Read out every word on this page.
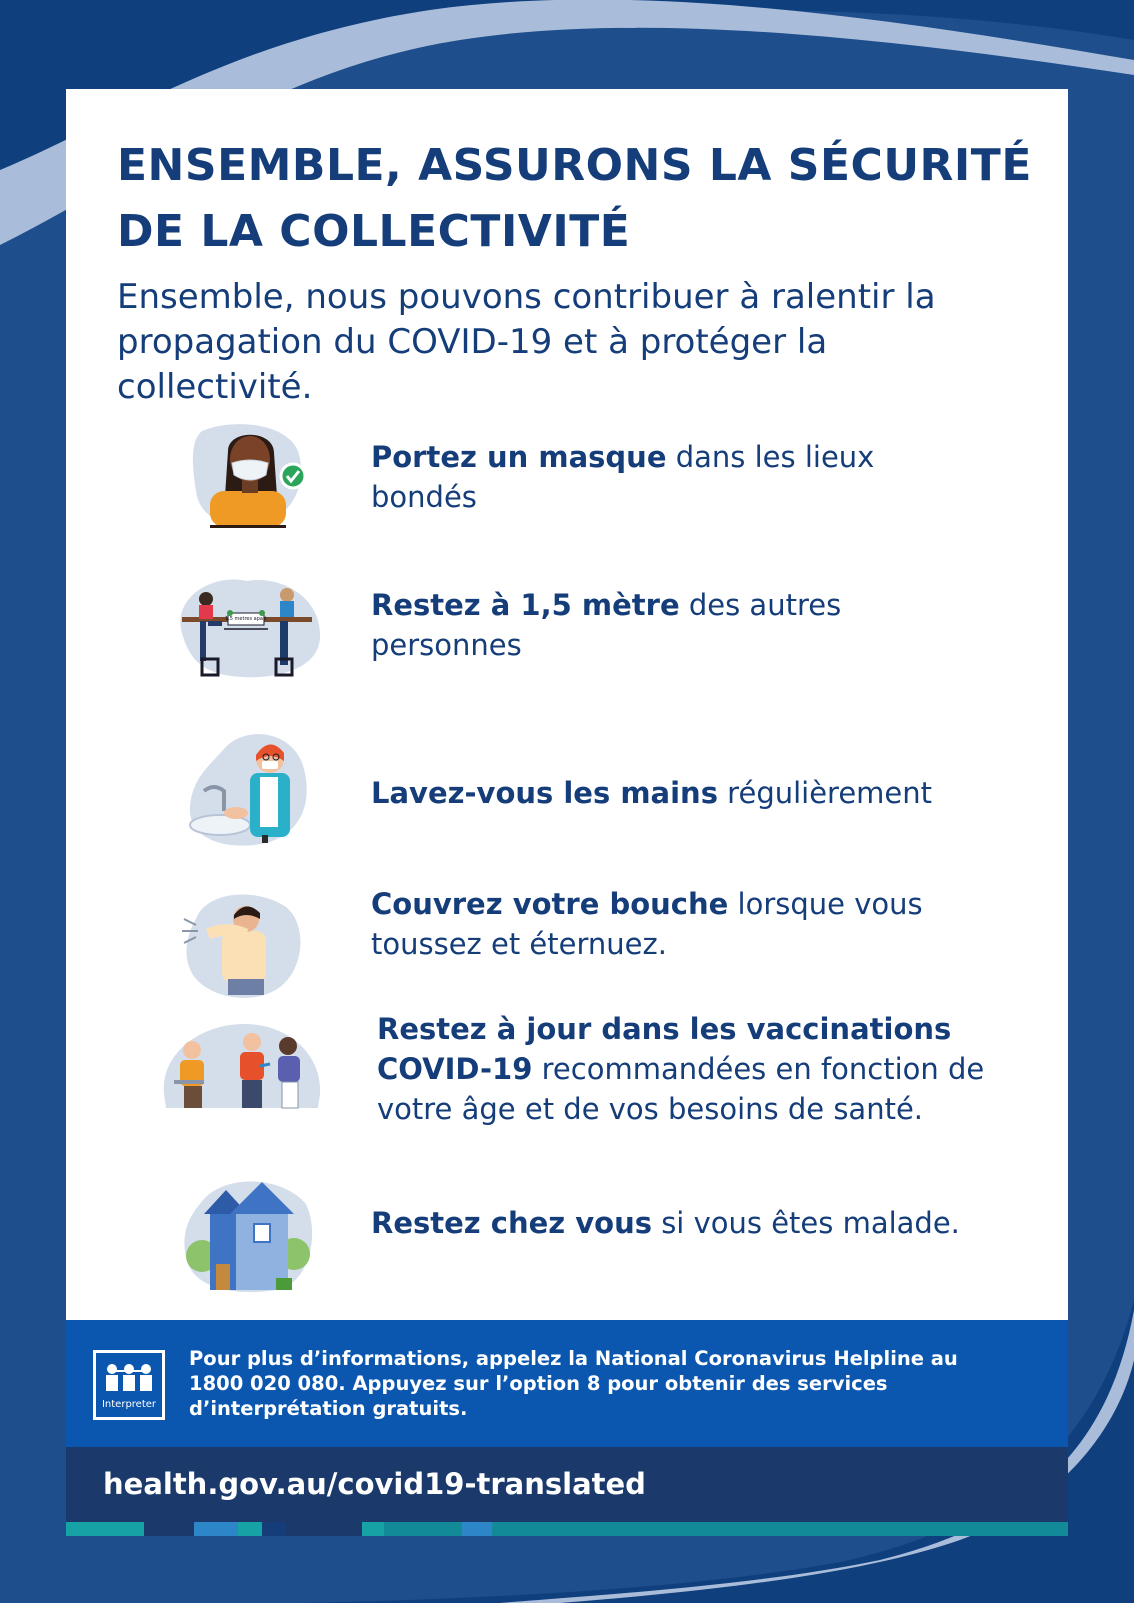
ENSEMBLE, ASSURONS LA SÉCURITÉ DE LA COLLECTIVITÉ

Ensemble, nous pouvons contribuer à ralentir la propagation du COVID-19 et à protéger la collectivité.

Portez un masque dans les lieux bondés
1.5 metres apart	Restez à 1,5 mètre des autres personnes
Lavez-vous les mains régulièrement
Couvrez votre bouche lorsque vous toussez et éternuez.
Restez à jour dans les vaccinations COVID-19 recommandées en fonction de votre âge et de vos besoins de santé.
Restez chez vous si vous êtes malade.
Interpreter

Pour plus d’informations, appelez la National Coronavirus Helpline au 1800 020 080. Appuyez sur l’option 8 pour obtenir des services d’interprétation gratuits.

health.gov.au/covid19-translated
